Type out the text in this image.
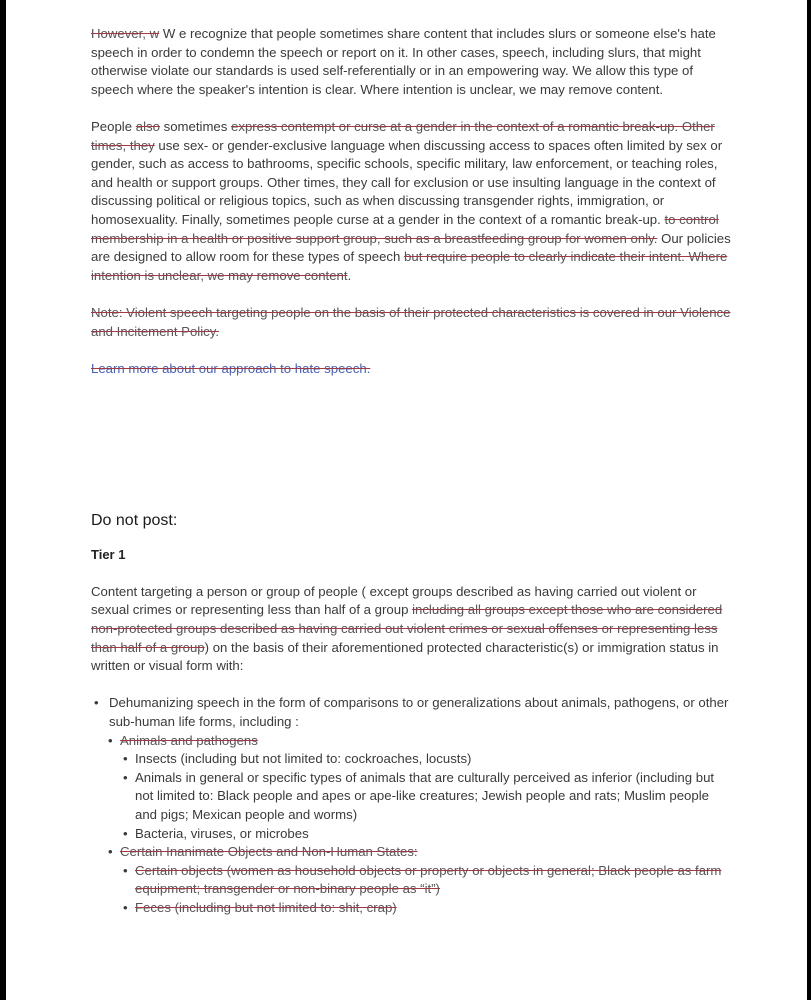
However, w W e recognize that people sometimes share content that includes slurs or someone else's hate speech in order to condemn the speech or report on it. In other cases, speech, including slurs, that might otherwise violate our standards is used self-referentially or in an empowering way. We allow this type of speech where the speaker's intention is clear. Where intention is unclear, we may remove content.

People also sometimes express contempt or curse at a gender in the context of a romantic break-up. Other times, they use sex- or gender-exclusive language when discussing access to spaces often limited by sex or gender, such as access to bathrooms, specific schools, specific military, law enforcement, or teaching roles, and health or support groups. Other times, they call for exclusion or use insulting language in the context of discussing political or religious topics, such as when discussing transgender rights, immigration, or homosexuality. Finally, sometimes people curse at a gender in the context of a romantic break-up. to control membership in a health or positive support group, such as a breastfeeding group for women only. Our policies are designed to allow room for these types of speech but require people to clearly indicate their intent. Where intention is unclear, we may remove content.

Note: Violent speech targeting people on the basis of their protected characteristics is covered in our Violence and Incitement Policy.

Learn more about our approach to hate speech.

Do not post:
Tier 1

Content targeting a person or group of people ( except groups described as having carried out violent or sexual crimes or representing less than half of a group including all groups except those who are considered non-protected groups described as having carried out violent crimes or sexual offenses or representing less than half of a group) on the basis of their aforementioned protected characteristic(s) or immigration status in written or visual form with:

• Dehumanizing speech in the form of comparisons to or generalizations about animals, pathogens, or other sub-human life forms, including :
• Animals and pathogens
• Insects (including but not limited to: cockroaches, locusts)
• Animals in general or specific types of animals that are culturally perceived as inferior (including but not limited to: Black people and apes or ape-like creatures; Jewish people and rats; Muslim people and pigs; Mexican people and worms)
• Bacteria, viruses, or microbes
• Certain Inanimate Objects and Non-Human States:
• Certain objects (women as household objects or property or objects in general; Black people as farm equipment; transgender or non-binary people as “it”)
• Feces (including but not limited to: shit, crap)
